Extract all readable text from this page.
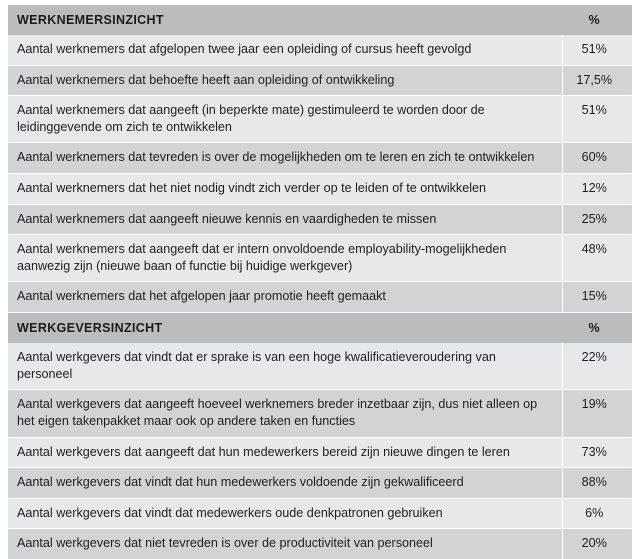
WERKNEMERSINZICHT	%
Aantal werknemers dat afgelopen twee jaar een opleiding of cursus heeft gevolgd	51%
Aantal werknemers dat behoefte heeft aan opleiding of ontwikkeling	17,5%
Aantal werknemers dat aangeeft (in beperkte mate) gestimuleerd te worden door de leidinggevende om zich te ontwikkelen	51%
Aantal werknemers dat tevreden is over de mogelijkheden om te leren en zich te ontwikkelen	60%
Aantal werknemers dat het niet nodig vindt zich verder op te leiden of te ontwikkelen	12%
Aantal werknemers dat aangeeft nieuwe kennis en vaardigheden te missen	25%
Aantal werknemers dat aangeeft dat er intern onvoldoende employability-mogelijkheden aanwezig zijn (nieuwe baan of functie bij huidige werkgever)	48%
Aantal werknemers dat het afgelopen jaar promotie heeft gemaakt	15%
WERKGEVERSINZICHT	%
Aantal werkgevers dat vindt dat er sprake is van een hoge kwalificatieveroudering van personeel	22%
Aantal werkgevers dat aangeeft hoeveel werknemers breder inzetbaar zijn, dus niet alleen op het eigen takenpakket maar ook op andere taken en functies	19%
Aantal werkgevers dat aangeeft dat hun medewerkers bereid zijn nieuwe dingen te leren	73%
Aantal werkgevers dat vindt dat hun medewerkers voldoende zijn gekwalificeerd	88%
Aantal werkgevers dat vindt dat medewerkers oude denkpatronen gebruiken	6%
Aantal werkgevers dat niet tevreden is over de productiviteit van personeel	20%
